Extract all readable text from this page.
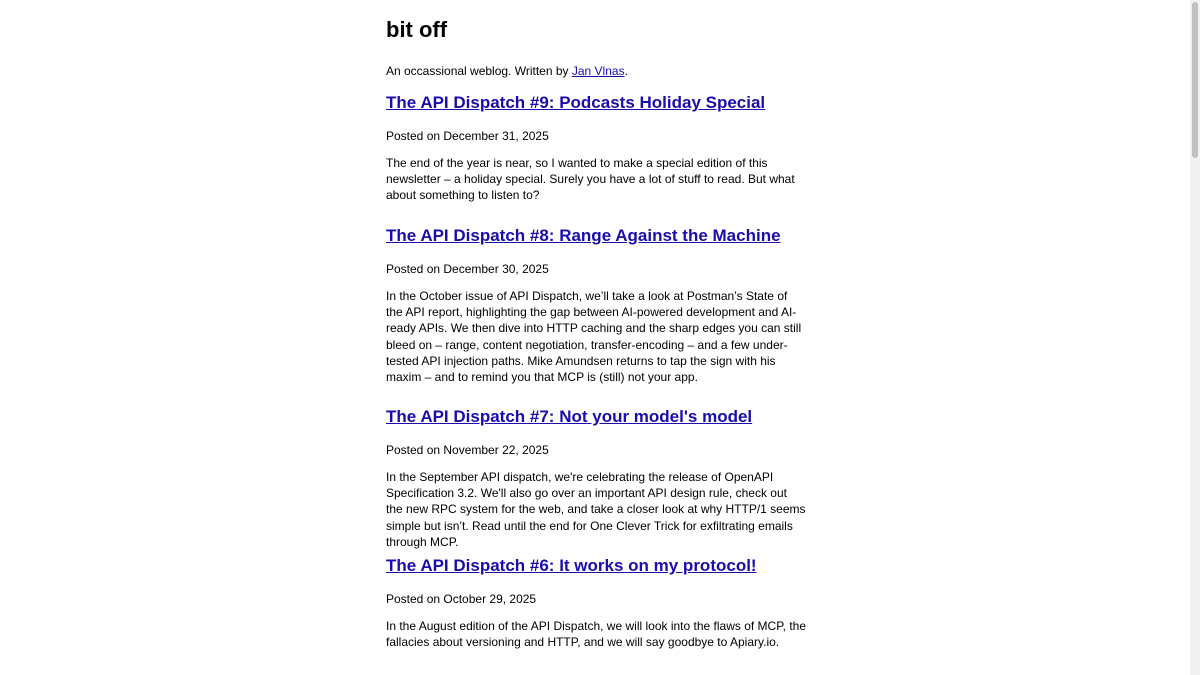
bit off

An occassional weblog. Written by Jan Vlnas.

The API Dispatch #9: Podcasts Holiday Special

Posted on December 31, 2025

The end of the year is near, so I wanted to make a special edition of this newsletter – a holiday special. Surely you have a lot of stuff to read. But what about something to listen to?

The API Dispatch #8: Range Against the Machine

Posted on December 30, 2025

In the October issue of API Dispatch, we’ll take a look at Postman’s State of the API report, highlighting the gap between AI-powered development and AI-ready APIs. We then dive into HTTP caching and the sharp edges you can still bleed on – range, content negotiation, transfer-encoding – and a few under-tested API injection paths. Mike Amundsen returns to tap the sign with his maxim – and to remind you that MCP is (still) not your app.

The API Dispatch #7: Not your model's model

Posted on November 22, 2025

In the September API dispatch, we're celebrating the release of OpenAPI Specification 3.2. We'll also go over an important API design rule, check out the new RPC system for the web, and take a closer look at why HTTP/1 seems simple but isn’t. Read until the end for One Clever Trick for exfiltrating emails through MCP.

The API Dispatch #6: It works on my protocol!

Posted on October 29, 2025

In the August edition of the API Dispatch, we will look into the flaws of MCP, the fallacies about versioning and HTTP, and we will say goodbye to Apiary.io.
